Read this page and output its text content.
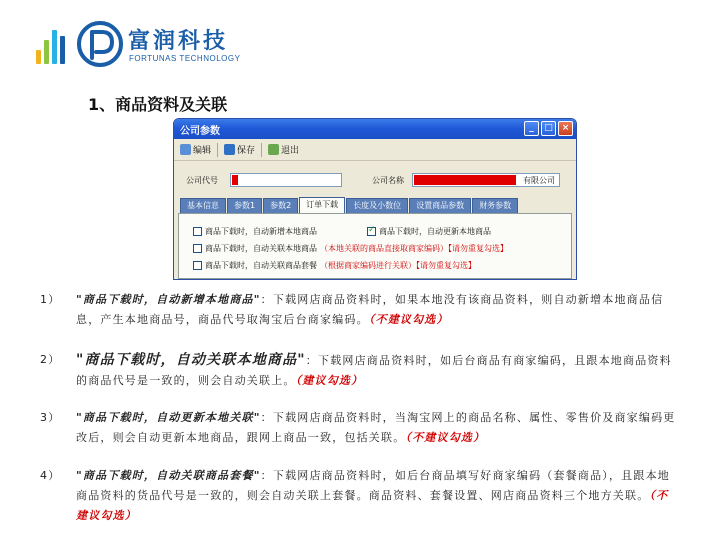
富润科技
FORTUNAS TECHNOLOGY
1、商品资料及关联
公司参数	_	□ ×
编辑	保存	退出
公司代号	公司名称	有限公司
基本信息	参数1	参数2	订单下载	长度及小数位	设置商品参数	财务参数
商品下载时，自动新增本地商品
✓	商品下载时，自动更新本地商品
商品下载时，自动关联本地商品 （本地关联的商品直接取商家编码）【请勿重复勾选】
商品下载时，自动关联商品套餐 （根据商家编码进行关联）【请勿重复勾选】
1） "商品下载时，自动新增本地商品"：下载网店商品资料时，如果本地没有该商品资料，则自动新增本地商品信息，产生本地商品号，商品代号取淘宝后台商家编码。（不建议勾选）
2） "商品下载时，自动关联本地商品"：下载网店商品资料时，如后台商品有商家编码，且跟本地商品资料的商品代号是一致的，则会自动关联上。（建议勾选）
3） "商品下载时，自动更新本地关联"：下载网店商品资料时，当淘宝网上的商品名称、属性、零售价及商家编码更改后，则会自动更新本地商品，跟网上商品一致，包括关联。（不建议勾选）
4） "商品下载时，自动关联商品套餐"：下载网店商品资料时，如后台商品填写好商家编码（套餐商品），且跟本地商品资料的货品代号是一致的，则会自动关联上套餐。商品资料、套餐设置、网店商品资料三个地方关联。（不建议勾选）
